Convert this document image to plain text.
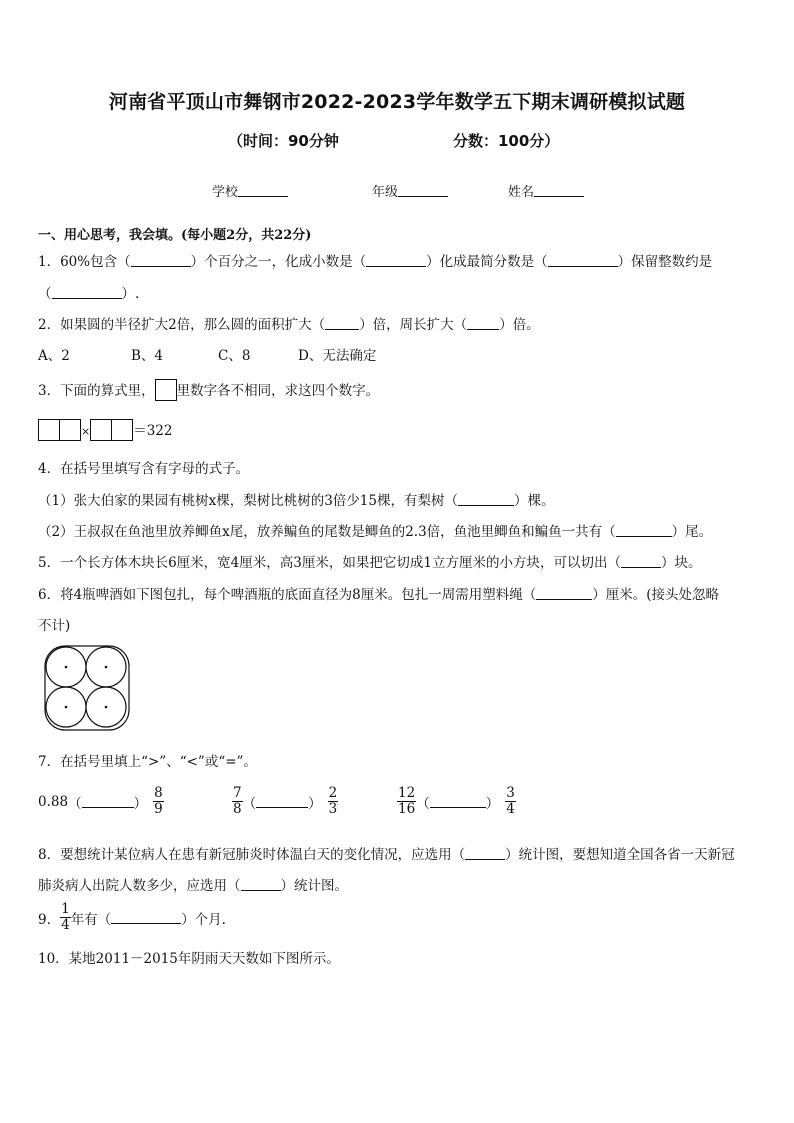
河南省平顶山市舞钢市2022-2023学年数学五下期末调研模拟试题
（时间：90分钟	分数：100分）
学校	年级	姓名
一、用心思考，我会填。(每小题2分，共22分)
1．60%包含（	）个百分之一，化成小数是（	）化成最简分数是（	）保留整数约是
（	）.
2．如果圆的半径扩大2倍，那么圆的面积扩大（	）倍，周长扩大（ ）倍。
A、2	B、4	C、8	D、无法确定
3．下面的算式里， 里数字各不相同，求这四个数字。
×	＝322
4．在括号里填写含有字母的式子。
（1）张大伯家的果园有桃树x棵，梨树比桃树的3倍少15棵，有梨树（	）棵。
（2）王叔叔在鱼池里放养鲫鱼x尾，放养鳊鱼的尾数是鲫鱼的2.3倍，鱼池里鲫鱼和鳊鱼一共有（	）尾。
5．一个长方体木块长6厘米，宽4厘米，高3厘米，如果把它切成1立方厘米的小方块，可以切出（	）块。
6．将4瓶啤酒如下图包扎，每个啤酒瓶的底面直径为8厘米。包扎一周需用塑料绳（	）厘米。(接头处忽略
不计)
7．在括号里填上“>”、“<”或“=”。
0.88 （	） $\frac{8}{9}$	$\frac{7}{8}$ （	） $\frac{2}{3}$	$\frac{12}{16}$ （	） $\frac{3}{4}$
8．要想统计某位病人在患有新冠肺炎时体温白天的变化情况，应选用（	）统计图，要想知道全国各省一天新冠
肺炎病人出院人数多少，应选用（	）统计图。
9． $\frac{1}{4}$ 年有（	）个月.
10．某地2011－2015年阴雨天天数如下图所示。
